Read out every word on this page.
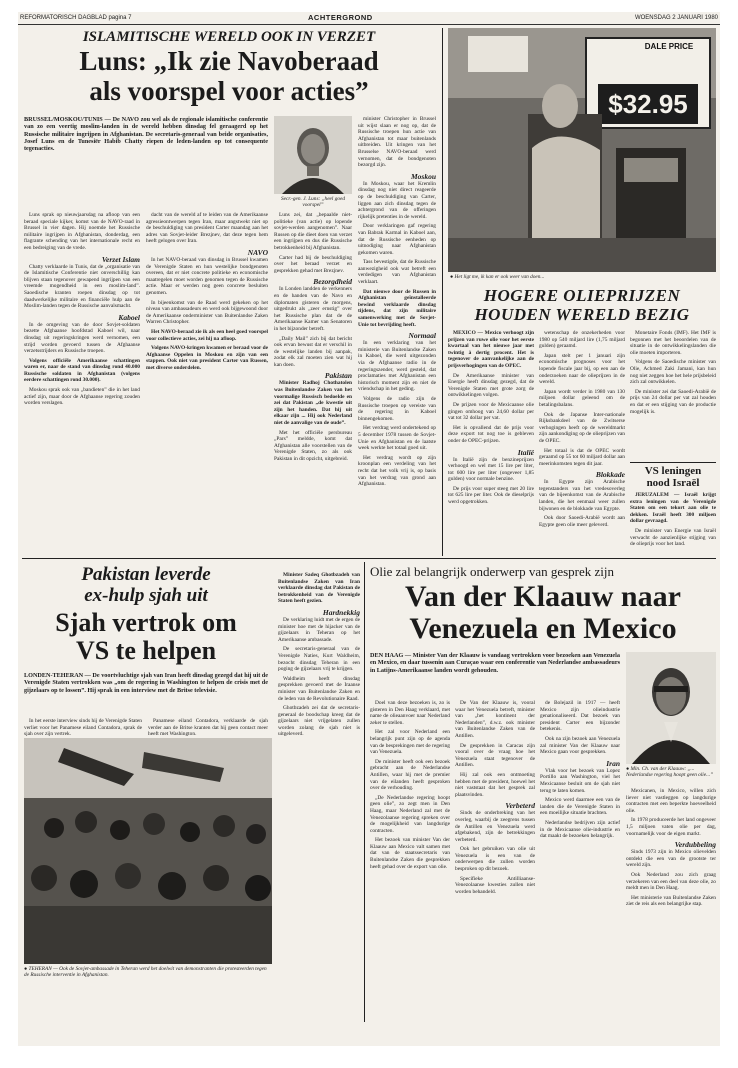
REFORMATORISCH DAGBLAD pagina 7	ACHTERGROND	WOENSDAG 2 JANUARI 1980
ISLAMITISCHE WERELD OOK IN VERZET
Luns: „Ik zie Navoberaad
als voorspel voor acties”
BRUSSEL/MOSKOU/TUNIS — De NAVO zou wel als de regionale islamitische conferentie van zo een veertig moslim-landen in de wereld hebben dinsdag fel geraagerd op het Russische militaire ingrijpen in Afghanistan. De secretaris-generaal van beide organisaties, Josef Luns en de Tunesiër Habib Chatty riepen de leden-landen op tot consequente tegenacties.

Luns sprak op nieuwjaarsdag na afloop van een beraad speciale kijker, komst van de NAVO-raad in Brussel in vier dagen. Hij noemde het Russische militaire ingrijpen in Afghanistan, donderdag, een flagrante schending van het internationale recht en een bedreiging van de vrede.

Verzet Islam

Chatty verklaarde in Tunis, dat de „organisatie van de Islamitische Conferentie niet onverschillig kan blijven staan tegenover gewapend ingrijpen van een vreemde mogendheid in een moslim-land”. Saoedische kranten roepen dinsdag op tot daadwerkelijke militaire en financiële hulp aan de Moslim-landen tegen de Russische aanvalsmacht.

Kaboel

In de omgeving van de door Sovjet-soldaten bezette Afghaanse hoofdstad Kaboel wil, naar dinsdag uit regeringskringen werd vernomen, een strijd worden gevoerd tussen de Afghaanse verzetsstrijders en Russische troepen.

Volgens officiële Amerikaanse schattingen waren er, naar de stand van dinsdag rond 40.000 Russische soldaten in Afghanistan (volgens eerdere schattingen rond 30.000).

Moskou sprak ook van „bandieten” die in het land actief zijn, maar door de Afghaanse regering zouden worden verslagen.

dacht van de wereld af te leiden van de Amerikaanse agressieontwerpen tegen Iran, maar angstwekt niet op de beschuldiging van president Carter maandag aan het adres van Sovjet-leider Brezjnev, dat deze tegen hem heeft gelogen over Iran.

NAVO

In het NAVO-beraad van dinsdag in Brussel kwamen de Verenigde Staten en hun westelijke bondgenoten overeen, dat er niet concrete politieke en economische maatregelen moet worden genomen tegen de Russische actie. Maar er werden nog geen concrete besluiten genomen.

In bijeenkomst van de Raad werd gekeken op het niveau van ambassadeurs en werd ook bijgewoond door de Amerikaanse onderminister van Buitenlandse Zaken Warren Christopher.

Het NAVO-beraad zie ik als een heel goed voorspel voor collectieve acties, zei hij na afloop.

Volgens NAVO-kringen kwamen er beraad voor de Afghaanse Oppelen in Moskou en zijn van een stappen. Ook niet van president Carter van Russen, met diverse onderdelen.

Secr.-gen. J. Luns: „heel goed voorspel”

Luns zei, dat „bepaalde niet-politieke (van actie) op lopende sovjet-werden aangenomen”. Naar Russen op die dieet doen van verzet een ingrijpen en dus die Russische betrokkenheid bij Afghanistan.

Carter had bij de beschuldiging over het beraad verzet en gesprekken gehad met Brezjnev.

Bezorgdheid

In Londen landden de verkenners en de handen van de Navo en diplomaten gisteren de morgens, uitgedrukt als „zeer ernstig” over het Russische plan dat de de Amerikaanse Kamer van Senatoren in het bijzonder betreft.

„Daily Mail” zich bij dat bericht ook ervan bewust dat er verschil in de westelijke landen bij aanpak, zodat elk zal moeten zien wat hij kan doen.

Pakistan

Minister Radhoj Chothatolen was Buitenlandse Zaken van het voormalige Russisch bedoelde en zei dat Pakistan „de kwestie uit zijn het handen. Dat hij uit elkaar zijn ... Hij ook Nederland niet de aanvalige van de oude”.

Met het officiële persbureau „Pars” meldde, komt dat Afghanistan alle voorstellen van de Verenigde Staten, zo als ook Pakistan in dit opzicht, uitgebreid.

minister Christopher in Brussel uit wijst slaan er nog op, dat de Russische troepen hun actie van Afghanistan tot maar buitenlands uitbreiden. Uit kringen van het Brusselse NAVO-beraad werd vernomen, dat de bondgenoten bezorgd zijn.

Moskou

In Moskou, waar het Kremlin dinsdag nog niet direct reageerde op de beschuldiging van Carter, liggen aan zich dinsdag tegen de achtergrond van de offeringen rijkelijk pretenties in de wereld.

Door verklaringen gaf regering van Babrak Karmal in Kaboel aan, dat de Russische eenheden op uitnodiging naar Afghanistan gekomen waren.

Tass bevestigde, dat de Russische aanwezigheid ook wat betreft een verdedigen van Afghanistan verklaart.

Dat nieuwe door de Russen in Afghanistan geïnstalleerde bewind verklaarde dinsdag tijdens, dat zijn militaire samenwerking met de Sovjet-Unie tot bevrijding heeft.

Normaal

In een verklaring van het ministerie van Buitenlandse Zaken in Kaboel, die werd uitgezonden via de Afghaanse radio in de regeringszender, werd gesteld, dat proclamaties met Afghanistan een historisch moment zijn en niet de vriendschap in het geding.

Volgens de radio zijn de Russische troepen op vereiste van de regering in Kaboel binnengekomen.

Het verdrag werd ondertekend op 5 december 1978 tussen de Sovjet-Unie en Afghanistan en de laatste week werkte het totaal goed uit.

Het verdrag wordt op zijn kroonplan een verdeling van het recht dat het volk vrij is, op basis van het verdrag van grond aan Afghanistan.

DALE PRICE
$32.95
● Het ligt me, ik kan er ook weer van doen...
HOGERE OLIEPRIJZEN
HOUDEN WERELD BEZIG

MEXICO — Mexico verhoogt zijn prijzen van ruwe olie voor het eerste kwartaal van het nieuwe jaar met twintig à dertig procent. Het is tegenover de aanvankelijke aan de prijsverhogingen van de OPEC.

De Amerikaanse minister van Energie heeft dinsdag gezegd, dat de Verenigde Staten met grote zorg de ontwikkelingen volgen.

De prijzen voor de Mexicaanse olie gingen omhoog van 24,60 dollar per vat tot 32 dollar per vat.

Het is opvallend dat de prijs voor deze export tot nog toe is gebleven onder de OPEC-prijzen.

Italië

In Italië zijn de benzineprijzen verhoogd en wel met 15 lire per liter, tot 600 lire per liter (ongeveer 1,85 gulden) voor normale benzine.

De prijs voor super steeg met 20 lire tot 625 lire per liter. Ook de dieselprijs werd opgetrokken.

wetenschap de onzekerheden voor 1980 op 540 miljard lire (1,75 miljard gulden) geraamd.

Japan stelt per 1 januari zijn economische prognoses voor het lopende fiscale jaar bij, op een aan de onderzoeken naar de olieprijzen in de wereld.

Japan wordt verder in 1980 van 130 miljoen dollar geleend om de betalingsbalans.

Ook de Japanse Inter-nationale Rijksbankdeel van de Zwitserse verhogingen heeft op de wereldmarkt zijn aankondiging op de olieprijzen van de OPEC.

Het totaal is dat de OPEC wordt geraamd op 55 tot 60 miljard dollar aan meerinkomsten tegen dit jaar.

Blokkade

In Egypte zijn Arabische tegenstanders van het vredesoverleg van de bijeenkomst van de Arabische landen, die het eenmaal weer zullen bijwonen en de blokkade van Egypte.

Ook door Saoedi-Arabië wordt aan Egypte geen olie meer geleverd.

Monetaire Fonds (IMF). Het IMF is begonnen met het beoordelen van de situatie in de ontwikkelingslanden die olie moeten importeren.

Volgens de Saoedische minister van Olie, Achmed Zaki Jamani, kan hun nog niet zeggen hoe het hele prijsbeleid zich zal ontwikkelen.

De minister zei dat Saoedi-Arabië de prijs van 24 dollar per vat zal houden en dat er een stijging van de productie mogelijk is.

VS leningen
nood Israël

JERUZALEM — Israël krijgt extra leningen van de Verenigde Staten om een tekort aan olie te dekken. Israël heeft 300 miljoen dollar gevraagd.

De minister van Energie van Israël verwacht de aanzienlijke stijging van de olieprijs voor het land.

Pakistan leverde
ex-hulp sjah uit
Sjah vertrok om
VS te helpen
LONDEN-TEHERAN — De voortvluchtige sjah van Iran heeft dinsdag gezegd dat hij uit de Verenigde Staten vertrokken was „om de regering in Washington te helpen de crisis met de gijzelaars op te lossen”. Hij sprak in een interview met de Britse televisie.

In het eerste interview sinds hij de Verenigde Staten verliet voor het Panamese eiland Contadora, sprak de sjah over zijn vertrek.

Panamese eiland Contadora, verklaarde de sjah verder aan de Britse kranten dat hij geen contact meer heeft met Washington.

● TEHERAN — Ook de Sovjet-ambassade in Teheran werd het doelwit van demonstranten die protesteerden tegen de Russische interventie in Afghanistan.

Minister Sadeq Ghotbzadeh van Buitenlandse Zaken van Iran verklaarde dinsdag dat Pakistan de betrokkenheid van de Verenigde Staten heeft gezien.

Hardnekkig

De verklaring luidt met de ergen de minister hoe met de hijacker van de gijzelaars in Teheran op het Amerikaanse ambassade.

De secretaris-generaal van de Verenigde Naties, Kurt Waldheim, bezocht dinsdag Teheran in een poging de gijzelaars vrij te krijgen.

Waldheim heeft dinsdag gesprekken gevoerd met de Iraanse minister van Buitenlandse Zaken en de leden van de Revolutionaire Raad.

Ghotbzadeh zei dat de secretaris-generaal de boodschap kreeg dat de gijzelaars niet vrijgelaten zullen worden zolang de sjah niet is uitgeleverd.

Olie zal belangrijk onderwerp van gesprek zijn
Van der Klaauw naar
Venezuela en Mexico
DEN HAAG — Minister Van der Klaauw is vandaag vertrokken voor bezoeken aan Venezuela en Mexico, en daar tussenin aan Curaçao waar een conferentie van Nederlandse ambassadeurs in Latijns-Amerikaanse landen wordt gehouden.

Doel van deze bezoeken is, zo is gisteren in Den Haag verklaard, met name de olieaanvoer naar Nederland zeker te stellen.

Het zal voor Nederland een belangrijk punt zijn op de agenda van de besprekingen met de regering van Venezuela.

De minister heeft ook een bezoek gebracht aan de Nederlandse Antillen, waar hij met de premier van de eilanden heeft gesproken over de verhouding.

„De Nederlandse regering hoopt geen olie”, zo zegt men in Den Haag, maar Nederland zal met de Venezolaanse regering spreken over de mogelijkheid van langdurige contracten.

Het bezoek van minister Van der Klaauw aan Mexico valt samen met dat van de staatssecretaris van Buitenlandse Zaken die gesprekken heeft gehad over de export van olie.

De Van der Klaauw is, vooral waar het Venezuela betreft, minister van „het kontinent der Nederlanden”, d.w.z. ook minister van Buitenlandse Zaken van de Antillen.

De gesprekken in Caracas zijn vooral over de vraag hoe het Venezuela staat tegenover de Antillen.

Hij zal ook een ontmoeting hebben met de president, hoewel het niet vaststaat dat het gesprek zal plaatsvinden.

Verbeterd

Sinds de onderbreking van het overleg, waarbij de zeegrens tussen de Antillen en Venezuela werd afgebakend, zijn de betrekkingen verbeterd.

Ook het gebruiken van olie uit Venezuela is een van de onderwerpen die zullen worden besproken op dit bezoek.

Specifieke Antilliaanse-Venezolaanse kwesties zullen niet worden behandeld.

de Bolejazil in 1917 — heeft Mexico zijn olieindustrie genationaliseerd. Dat bezoek van president Carter een bijzonder betekenis.

Ook na zijn bezoek aan Venezuela zal minister Van der Klaauw naar Mexico gaan voor gesprekken.

Iran

Vlak voor het bezoek van Lopez Portillo aan Washington, viel het Mexicaanse besluit om de sjah niet terug te laten komen.

Mexico werd daarmee een van de landen die de Verenigde Staten in een moeilijke situatie brachten.

Nederlandse bedrijven zijn actief in de Mexicaanse olie-industrie en dat maakt de bezoeken belangrijk.

● Min. Ch. van der Klaauw: „... Nederlandse regering hoopt geen olie...”

Mexicanen, in Mexico, willen zich liever niet vastleggen op langdurige contracten met een beperkte hoeveelheid olie.

In 1978 produceerde het land ongeveer 1,5 miljoen vaten olie per dag, voornamelijk voor de eigen markt.

Verdubbeling

Sinds 1973 zijn in Mexico olievelden ontdekt die een van de grootste ter wereld zijn.

Ook Nederland zou zich graag verzekeren van een deel van deze olie, zo meldt men in Den Haag.

Het ministerie van Buitenlandse Zaken ziet de reis als een belangrijke stap.
